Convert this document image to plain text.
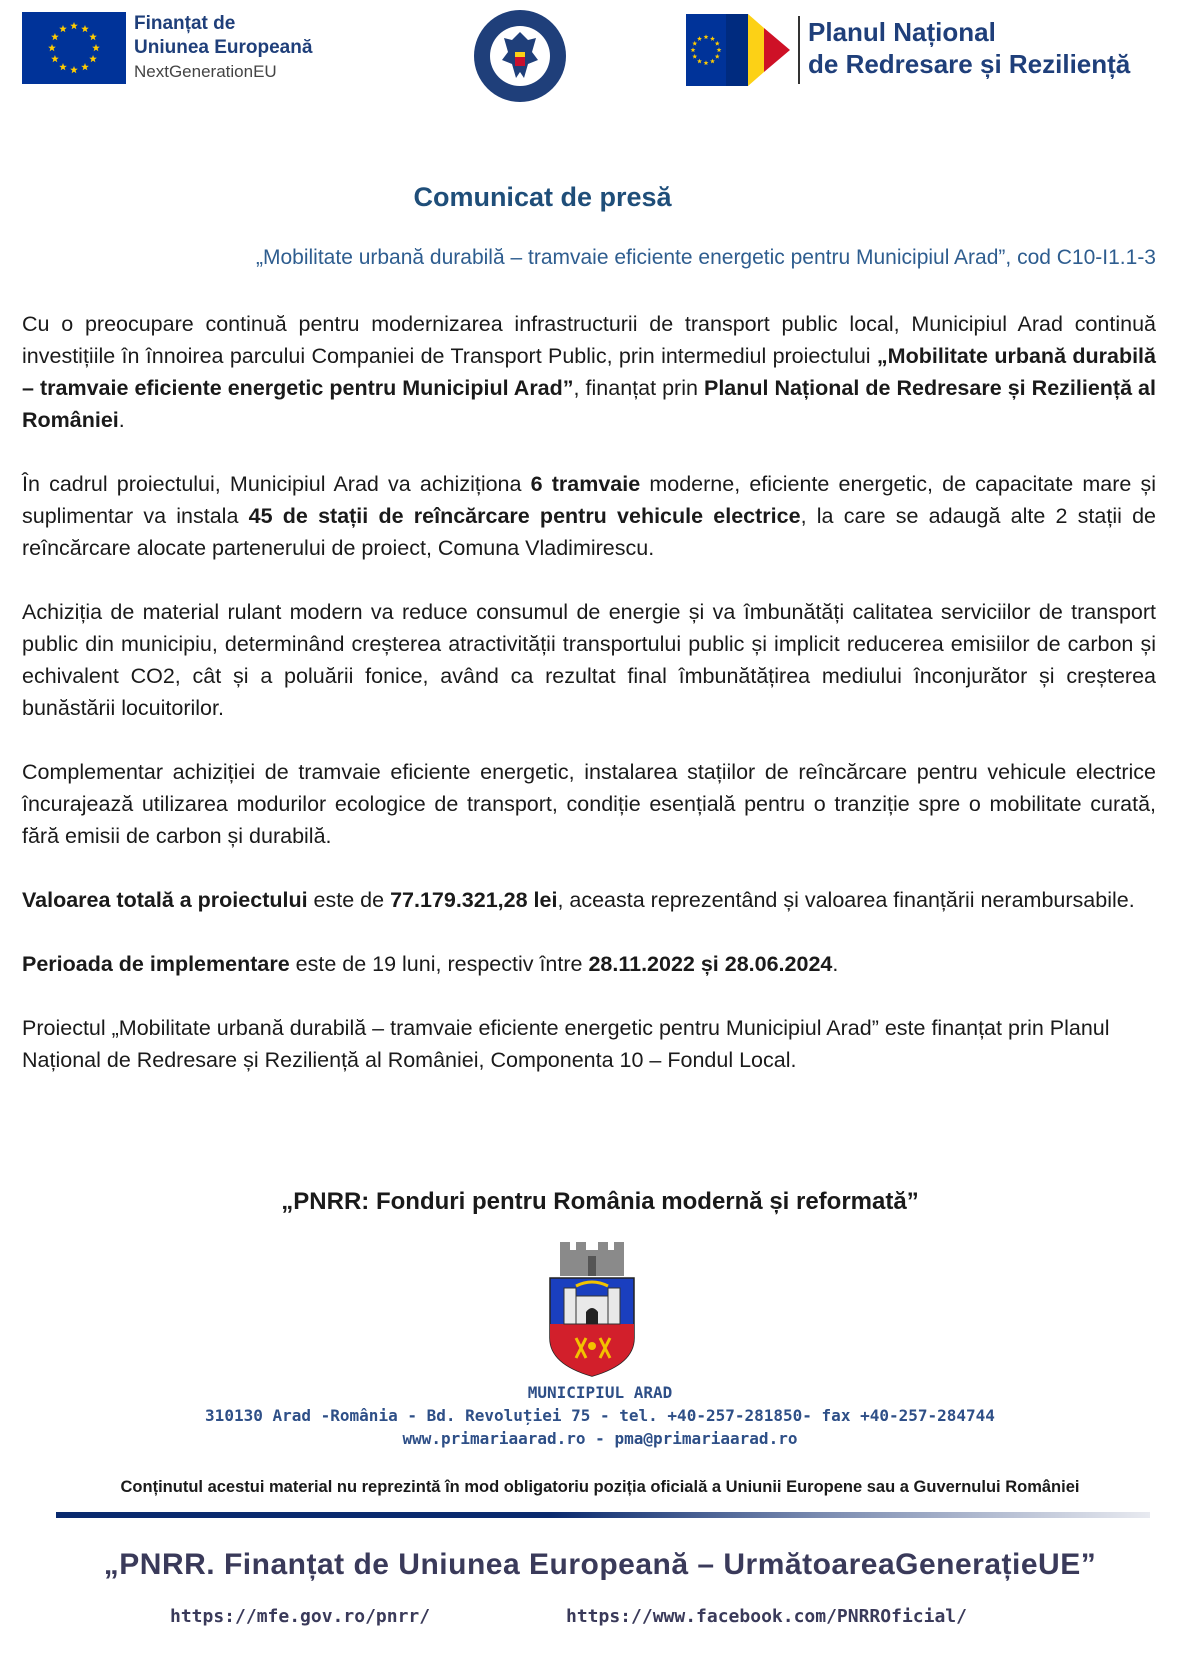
Finanțat de
Uniunea Europeană
NextGenerationEU
Planul Național
de Redresare și Reziliență
Comunicat de presă
„Mobilitate urbană durabilă – tramvaie eficiente energetic pentru Municipiul Arad”, cod C10-I1.1-3

Cu o preocupare continuă pentru modernizarea infrastructurii de transport public local, Municipiul Arad continuă investițiile în înnoirea parcului Companiei de Transport Public, prin intermediul proiectului „Mobilitate urbană durabilă – tramvaie eficiente energetic pentru Municipiul Arad”, finanțat prin Planul Național de Redresare și Reziliență al României.

În cadrul proiectului, Municipiul Arad va achiziționa 6 tramvaie moderne, eficiente energetic, de capacitate mare și suplimentar va instala 45 de stații de reîncărcare pentru vehicule electrice, la care se adaugă alte 2 stații de reîncărcare alocate partenerului de proiect, Comuna Vladimirescu.

Achiziția de material rulant modern va reduce consumul de energie și va îmbunătăți calitatea serviciilor de transport public din municipiu, determinând creșterea atractivității transportului public și implicit reducerea emisiilor de carbon și echivalent CO2, cât și a poluării fonice, având ca rezultat final îmbunătățirea mediului înconjurător și creșterea bunăstării locuitorilor.

Complementar achiziției de tramvaie eficiente energetic, instalarea stațiilor de reîncărcare pentru vehicule electrice încurajează utilizarea modurilor ecologice de transport, condiție esențială pentru o tranziție spre o mobilitate curată, fără emisii de carbon și durabilă.

Valoarea totală a proiectului este de 77.179.321,28 lei, aceasta reprezentând și valoarea finanțării nerambursabile.

Perioada de implementare este de 19 luni, respectiv între 28.11.2022 și 28.06.2024.

Proiectul „Mobilitate urbană durabilă – tramvaie eficiente energetic pentru Municipiul Arad” este finanțat prin Planul Național de Redresare și Reziliență al României, Componenta 10 – Fondul Local.

„PNRR: Fonduri pentru România modernă și reformată”
MUNICIPIUL ARAD
310130 Arad -România - Bd. Revoluției 75 - tel. +40-257-281850- fax +40-257-284744
www.primariaarad.ro - pma@primariaarad.ro
Conținutul acestui material nu reprezintă în mod obligatoriu poziția oficială a Uniunii Europene sau a Guvernului României
„PNRR. Finanțat de Uniunea Europeană – UrmătoareaGenerațieUE”
https://mfe.gov.ro/pnrr/	https://www.facebook.com/PNRROficial/
